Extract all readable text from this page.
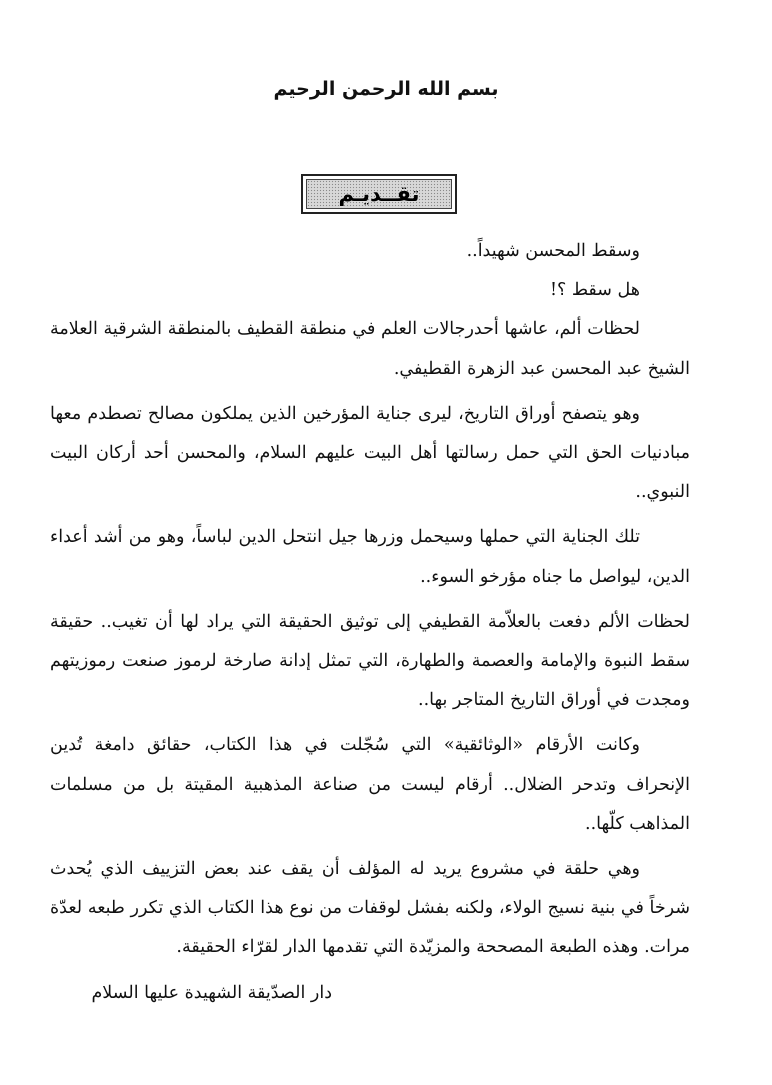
بسم الله الرحمن الرحيم
تقــديـم

وسقط المحسن شهيداً..

هل سقط ؟!

لحظات ألم، عاشها أحدرجالات العلم في منطقة القطيف بالمنطقة الشرقية العلامة الشيخ عبد المحسن عبد الزهرة القطيفي.

وهو يتصفح أوراق التاريخ، ليرى جناية المؤرخين الذين يملكون مصالح تصطدم معها مبادنيات الحق التي حمل رسالتها أهل البيت عليهم السلام، والمحسن أحد أركان البيت النبوي..

تلك الجناية التي حملها وسيحمل وزرها جيل انتحل الدين لباساً، وهو من أشد أعداء الدين، ليواصل ما جناه مؤرخو السوء..

لحظات الألم دفعت بالعلاّمة القطيفي إلى توثيق الحقيقة التي يراد لها أن تغيب.. حقيقة سقط النبوة والإمامة والعصمة والطهارة، التي تمثل إدانة صارخة لرموز صنعت رموزيتهم ومجدت في أوراق التاريخ المتاجر بها..

وكانت الأرقام «الوثائقية» التي سُجّلت في هذا الكتاب، حقائق دامغة تُدين الإنحراف وتدحر الضلال.. أرقام ليست من صناعة المذهبية المقيتة بل من مسلمات المذاهب كلّها..

وهي حلقة في مشروع يريد له المؤلف أن يقف عند بعض التزييف الذي يُحدث شرخاً في بنية نسيج الولاء، ولكنه بفشل لوقفات من نوع هذا الكتاب الذي تكرر طبعه لعدّة مرات. وهذه الطبعة المصححة والمزيّدة التي تقدمها الدار لقرّاء الحقيقة.

دار الصدّيقة الشهيدة عليها السلام
